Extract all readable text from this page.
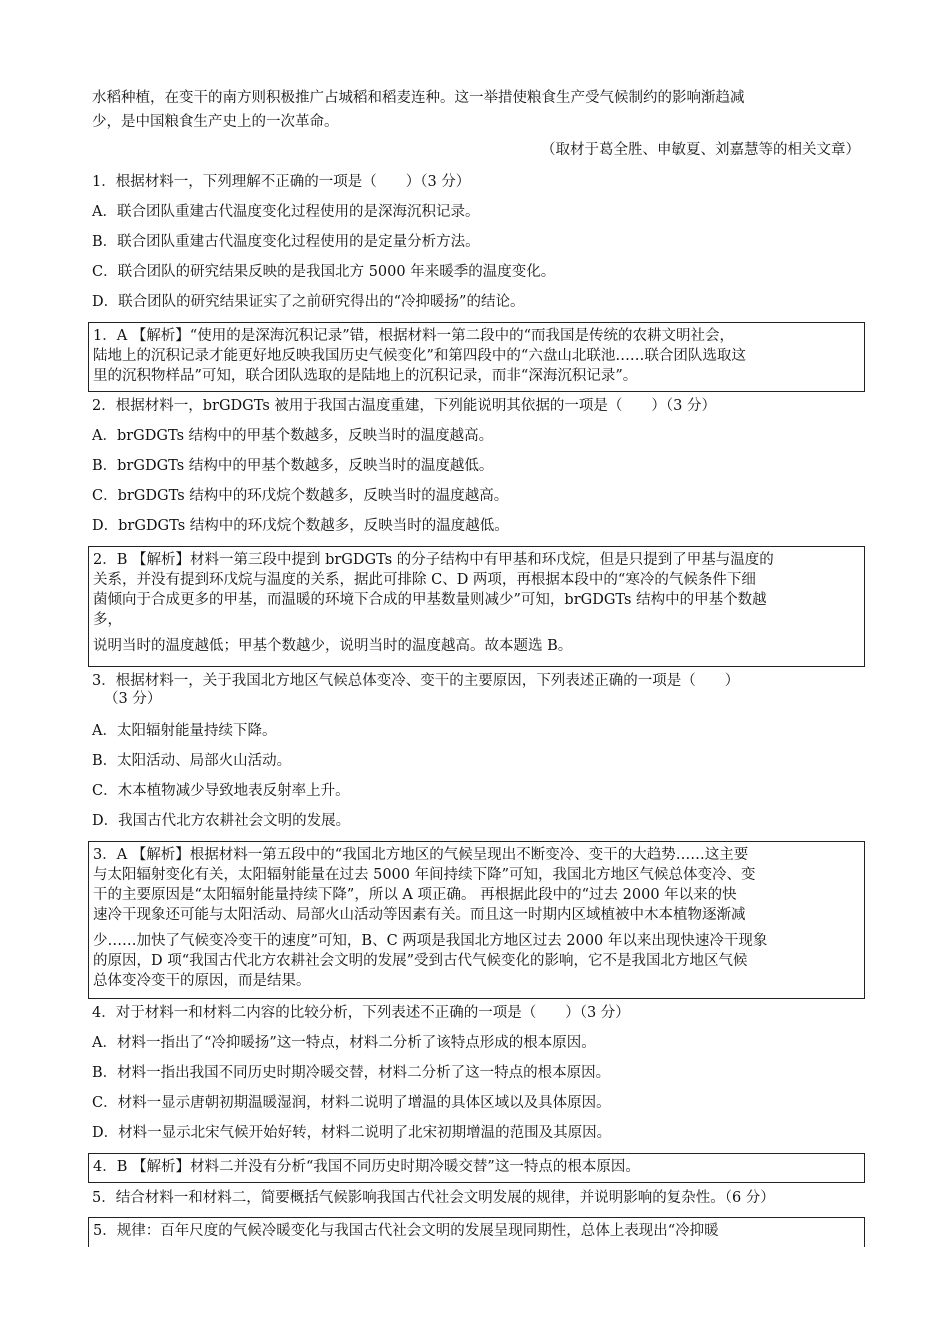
水稻种植，在变干的南方则积极推广占城稻和稻麦连种。这一举措使粮食生产受气候制约的影响渐趋减
少，是中国粮食生产史上的一次革命。
（取材于葛全胜、申敏夏、刘嘉慧等的相关文章）
1．根据材料一，下列理解不正确的一项是（　　）（3 分）
A．联合团队重建古代温度变化过程使用的是深海沉积记录。
B．联合团队重建古代温度变化过程使用的是定量分析方法。
C．联合团队的研究结果反映的是我国北方 5000 年来暖季的温度变化。
D．联合团队的研究结果证实了之前研究得出的“冷抑暖扬”的结论。
1．A 【解析】“使用的是深海沉积记录”错，根据材料一第二段中的“而我国是传统的农耕文明社会，
陆地上的沉积记录才能更好地反映我国历史气候变化”和第四段中的“六盘山北联池……联合团队选取这
里的沉积物样品”可知，联合团队选取的是陆地上的沉积记录，而非“深海沉积记录”。
2．根据材料一，brGDGTs 被用于我国古温度重建，下列能说明其依据的一项是（　　）（3 分）
A．brGDGTs 结构中的甲基个数越多，反映当时的温度越高。
B．brGDGTs 结构中的甲基个数越多，反映当时的温度越低。
C．brGDGTs 结构中的环戊烷个数越多，反映当时的温度越高。
D．brGDGTs 结构中的环戊烷个数越多，反映当时的温度越低。
2．B 【解析】材料一第三段中提到 brGDGTs 的分子结构中有甲基和环戊烷，但是只提到了甲基与温度的
关系，并没有提到环戊烷与温度的关系，据此可排除 C、D 两项，再根据本段中的“寒冷的气候条件下细
菌倾向于合成更多的甲基，而温暖的环境下合成的甲基数量则减少”可知，brGDGTs 结构中的甲基个数越
多，
说明当时的温度越低；甲基个数越少，说明当时的温度越高。故本题选 B。
3．根据材料一，关于我国北方地区气候总体变冷、变干的主要原因，下列表述正确的一项是（　　）
（3 分）
A．太阳辐射能量持续下降。
B．太阳活动、局部火山活动。
C．木本植物减少导致地表反射率上升。
D．我国古代北方农耕社会文明的发展。
3．A 【解析】根据材料一第五段中的“我国北方地区的气候呈现出不断变冷、变干的大趋势……这主要
与太阳辐射变化有关，太阳辐射能量在过去 5000 年间持续下降”可知，我国北方地区气候总体变冷、变
干的主要原因是“太阳辐射能量持续下降”，所以 A 项正确。 再根据此段中的“过去 2000 年以来的快
速冷干现象还可能与太阳活动、局部火山活动等因素有关。而且这一时期内区域植被中木本植物逐渐减
少……加快了气候变冷变干的速度”可知，B、C 两项是我国北方地区过去 2000 年以来出现快速冷干现象
的原因，D 项“我国古代北方农耕社会文明的发展”受到古代气候变化的影响，它不是我国北方地区气候
总体变冷变干的原因，而是结果。
4．对于材料一和材料二内容的比较分析，下列表述不正确的一项是（　　）（3 分）
A．材料一指出了“冷抑暖扬”这一特点，材料二分析了该特点形成的根本原因。
B．材料一指出我国不同历史时期冷暖交替，材料二分析了这一特点的根本原因。
C．材料一显示唐朝初期温暖湿润，材料二说明了增温的具体区域以及具体原因。
D．材料一显示北宋气候开始好转，材料二说明了北宋初期增温的范围及其原因。
4．B 【解析】材料二并没有分析“我国不同历史时期冷暖交替”这一特点的根本原因。
5．结合材料一和材料二，简要概括气候影响我国古代社会文明发展的规律，并说明影响的复杂性。（6 分）
5．规律：百年尺度的气候冷暖变化与我国古代社会文明的发展呈现同期性，总体上表现出“冷抑暖
